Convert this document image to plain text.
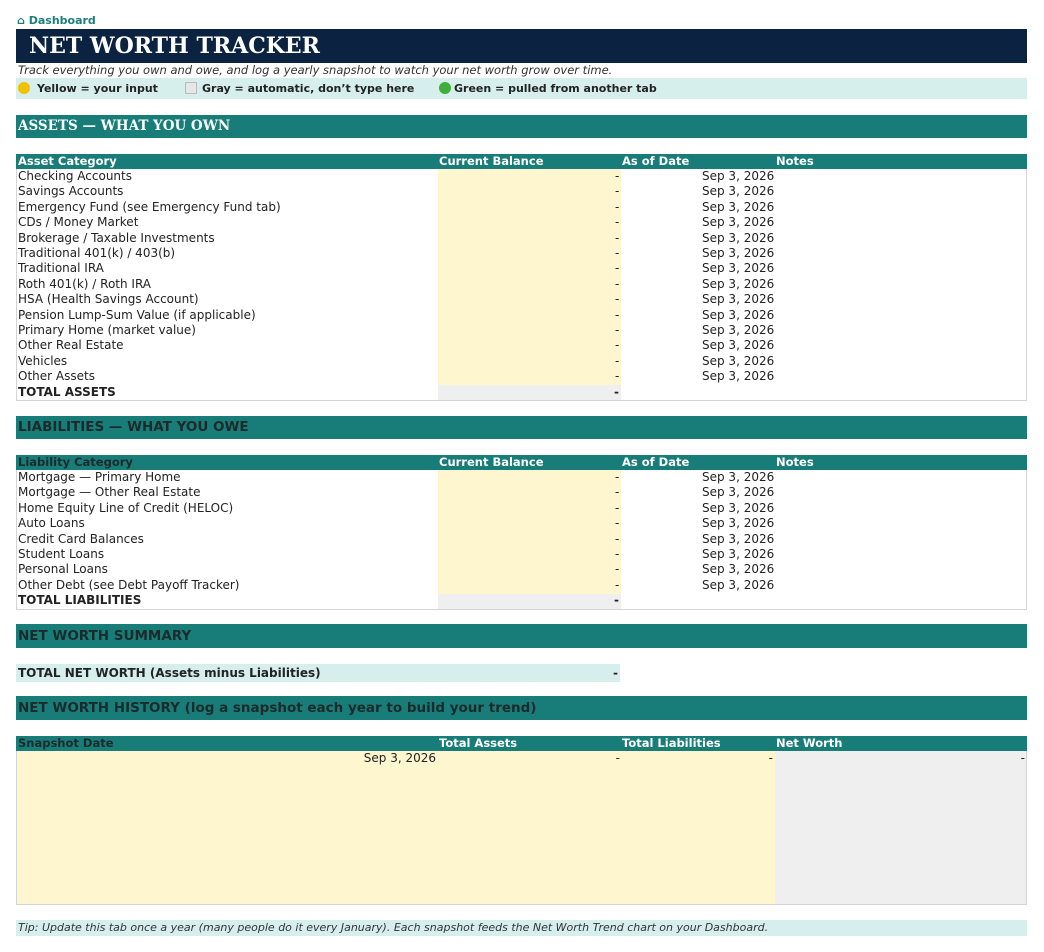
⌂ Dashboard
NET WORTH TRACKER
Track everything you own and owe, and log a yearly snapshot to watch your net worth grow over time.
Yellow = your input	Gray = automatic, don’t type here	Green = pulled from another tab
ASSETS — WHAT YOU OWN
Asset Category	Current Balance	As of Date	Notes
Checking Accounts	-	Sep 3, 2026
Savings Accounts	-	Sep 3, 2026
Emergency Fund (see Emergency Fund tab)	-	Sep 3, 2026
CDs / Money Market	-	Sep 3, 2026
Brokerage / Taxable Investments	-	Sep 3, 2026
Traditional 401(k) / 403(b)	-	Sep 3, 2026
Traditional IRA	-	Sep 3, 2026
Roth 401(k) / Roth IRA	-	Sep 3, 2026
HSA (Health Savings Account)	-	Sep 3, 2026
Pension Lump-Sum Value (if applicable)	-	Sep 3, 2026
Primary Home (market value)	-	Sep 3, 2026
Other Real Estate	-	Sep 3, 2026
Vehicles	-	Sep 3, 2026
Other Assets	-	Sep 3, 2026
TOTAL ASSETS	-
LIABILITIES — WHAT YOU OWE
Liability Category	Current Balance	As of Date	Notes
Mortgage — Primary Home	-	Sep 3, 2026
Mortgage — Other Real Estate	-	Sep 3, 2026
Home Equity Line of Credit (HELOC)	-	Sep 3, 2026
Auto Loans	-	Sep 3, 2026
Credit Card Balances	-	Sep 3, 2026
Student Loans	-	Sep 3, 2026
Personal Loans	-	Sep 3, 2026
Other Debt (see Debt Payoff Tracker)	-	Sep 3, 2026
TOTAL LIABILITIES	-
NET WORTH SUMMARY
TOTAL NET WORTH (Assets minus Liabilities)	-
NET WORTH HISTORY (log a snapshot each year to build your trend)
Snapshot Date	Total Assets	Total Liabilities	Net Worth
Sep 3, 2026	-	-	-
Tip: Update this tab once a year (many people do it every January). Each snapshot feeds the Net Worth Trend chart on your Dashboard.
